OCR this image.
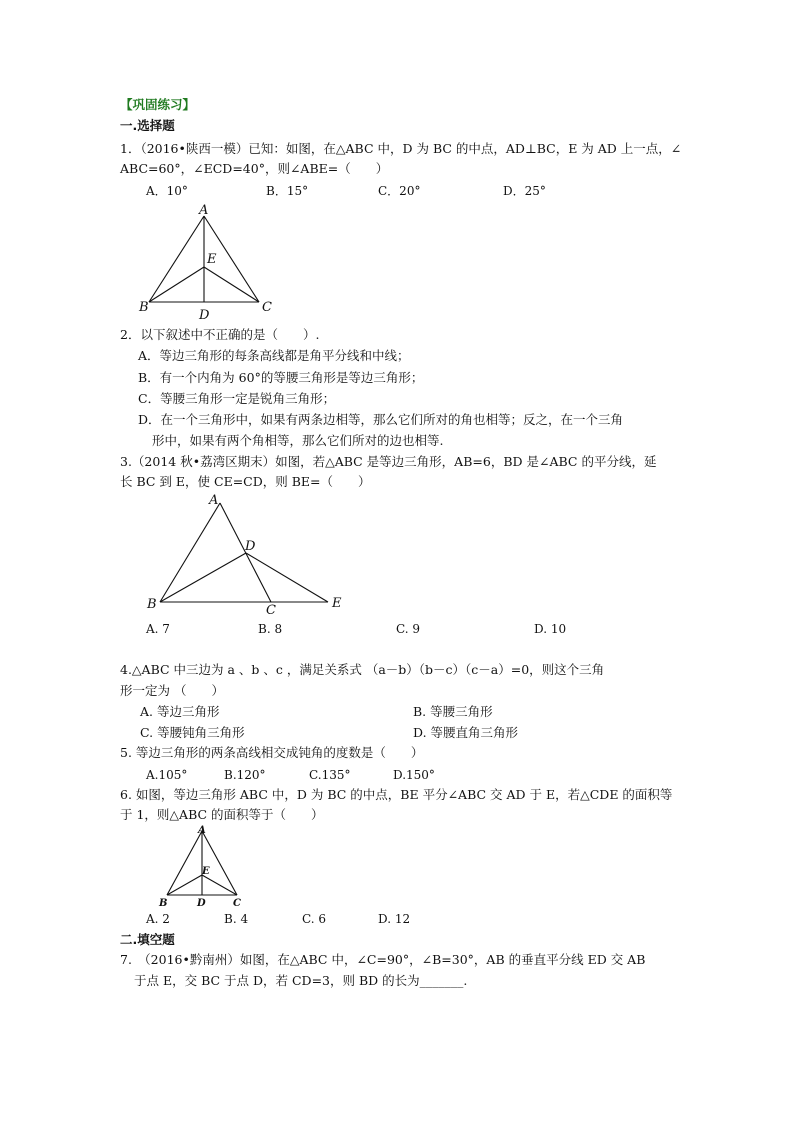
【巩固练习】
一.选择题
1．（2016•陕西一模）已知：如图，在△ABC 中，D 为 BC 的中点，AD⊥BC，E 为 AD 上一点，∠
ABC=60°，∠ECD=40°，则∠ABE=（　　）
A．10°	B．15°	C．20°	D．25°
A
E
B
D
C
2．以下叙述中不正确的是（　　）.
A．等边三角形的每条高线都是角平分线和中线；
B．有一个内角为 60°的等腰三角形是等边三角形；
C．等腰三角形一定是锐角三角形；
D．在一个三角形中，如果有两条边相等，那么它们所对的角也相等；反之，在一个三角
形中，如果有两个角相等，那么它们所对的边也相等.
3.（2014 秋•荔湾区期末）如图，若△ABC 是等边三角形，AB=6，BD 是∠ABC 的平分线，延
长 BC 到 E，使 CE=CD，则 BE=（　　）
A
D
B	C	E
A. 7	B. 8	C. 9	D. 10
4.△ABC 中三边为 a 、b 、c ，满足关系式 （a－b）（b－c）（c－a）=0，则这个三角
形一定为 （　　）
A. 等边三角形	B. 等腰三角形
C. 等腰钝角三角形	D. 等腰直角三角形
5. 等边三角形的两条高线相交成钝角的度数是（　　）
A.105°	B.120°	C.135°	D.150°
6. 如图，等边三角形 ABC 中，D 为 BC 的中点，BE 平分∠ABC 交 AD 于 E，若△CDE 的面积等
于 1，则△ABC 的面积等于（　　）
A
E
B	D	C
A. 2	B. 4	C. 6	D. 12
二.填空题
7.　（2016•黔南州）如图，在△ABC 中，∠C=90°，∠B=30°，AB 的垂直平分线 ED 交 AB
于点 E，交 BC 于点 D，若 CD=3，则 BD 的长为_______.
